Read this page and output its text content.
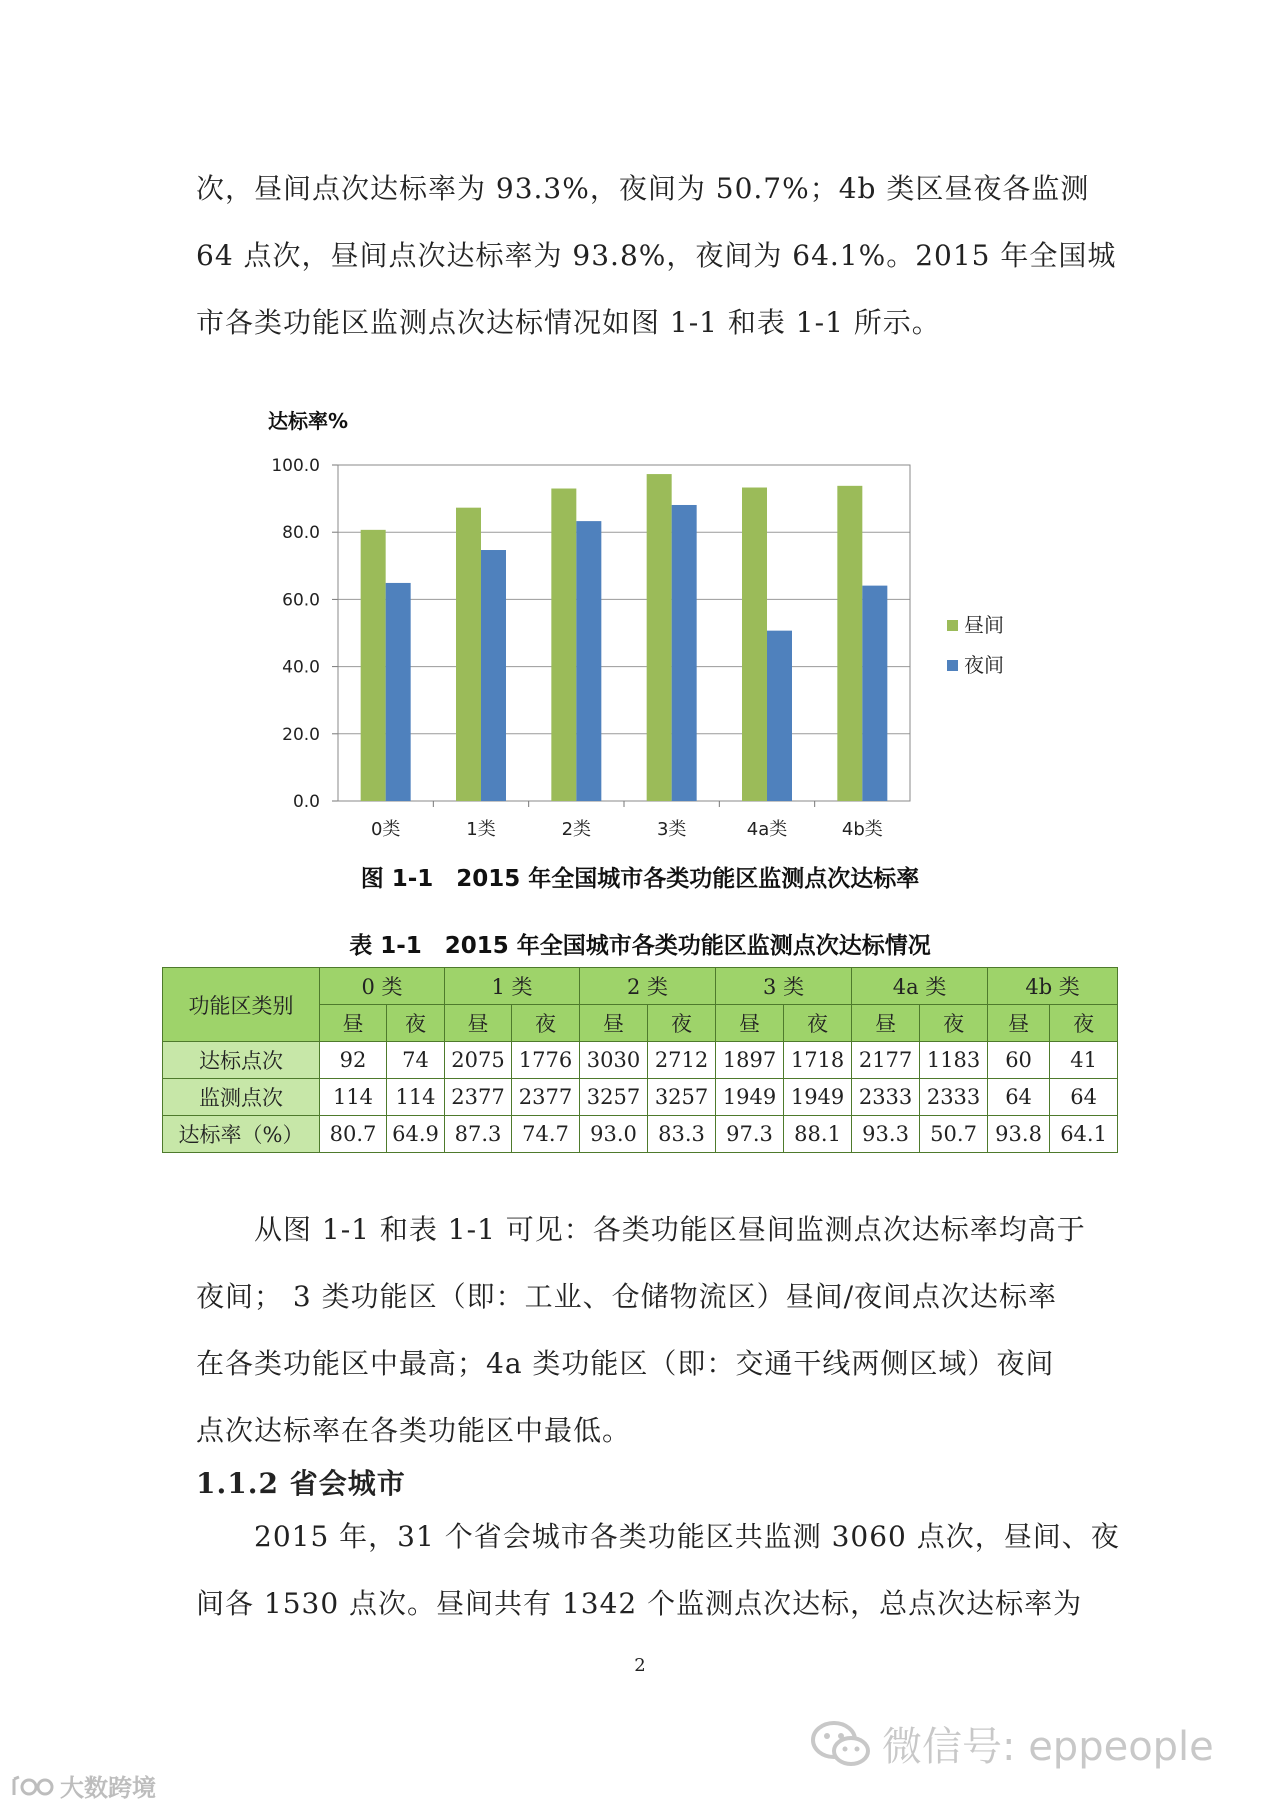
次，昼间点次达标率为 93.3%，夜间为 50.7%；4b 类区昼夜各监测
64 点次，昼间点次达标率为 93.8%，夜间为 64.1%。2015 年全国城
市各类功能区监测点次达标情况如图 1-1 和表 1-1 所示。
0.0
20.0
40.0
60.0
80.0
100.0
达标率%
0类	1类	2类	3类	4a类	4b类
昼间
夜间
图 1-1　2015 年全国城市各类功能区监测点次达标率
表 1-1　2015 年全国城市各类功能区监测点次达标情况
功能区类别	0 类		1 类		2 类		3 类		4a 类		4b 类	
	昼	夜	昼	夜	昼	夜	昼	夜	昼	夜	昼	夜
达标点次	92	74	2075	1776	3030	2712	1897	1718	2177	1183	60	41
监测点次	114	114	2377	2377	3257	3257	1949	1949	2333	2333	64	64
达标率（%）	80.7	64.9	87.3	74.7	93.0	83.3	97.3	88.1	93.3	50.7	93.8	64.1
　　从图 1-1 和表 1-1 可见：各类功能区昼间监测点次达标率均高于
夜间； 3 类功能区（即：工业、仓储物流区）昼间/夜间点次达标率
在各类功能区中最高；4a 类功能区（即：交通干线两侧区域）夜间
点次达标率在各类功能区中最低。
1.1.2 省会城市
　　2015 年，31 个省会城市各类功能区共监测 3060 点次，昼间、夜
间各 1530 点次。昼间共有 1342 个监测点次达标，总点次达标率为
2
微信号: eppeople
大数跨境
